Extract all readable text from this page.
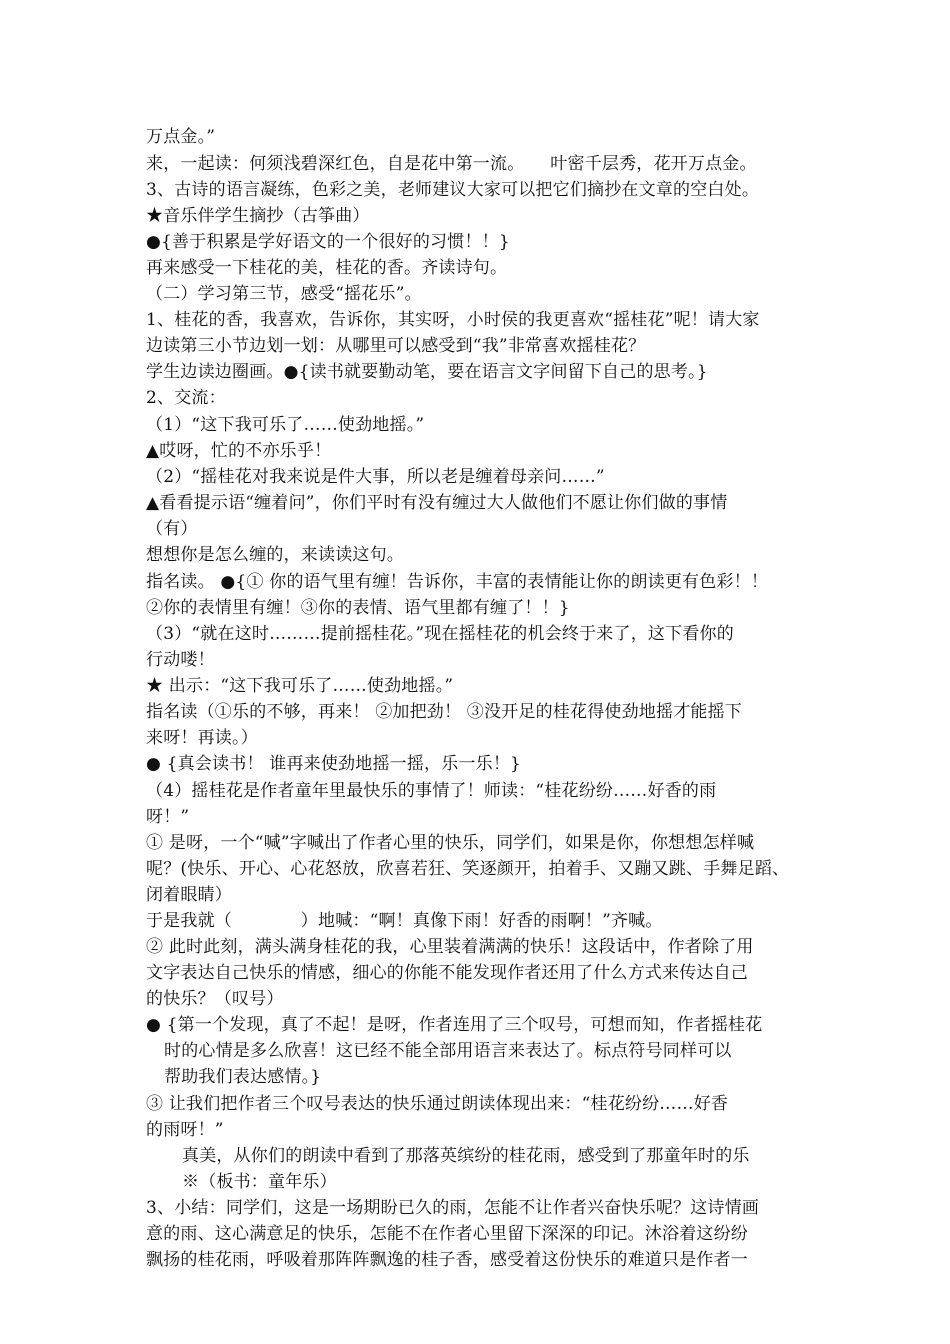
万点金。”
来，一起读：何须浅碧深红色，自是花中第一流。　　叶密千层秀，花开万点金。
3、古诗的语言凝练，色彩之美，老师建议大家可以把它们摘抄在文章的空白处。
★音乐伴学生摘抄（古筝曲）
●{善于积累是学好语文的一个很好的习惯！！}
再来感受一下桂花的美，桂花的香。齐读诗句。
（二）学习第三节，感受“摇花乐”。
1、桂花的香，我喜欢，告诉你，其实呀，小时侯的我更喜欢“摇桂花”呢！请大家
边读第三小节边划一划：从哪里可以感受到“我”非常喜欢摇桂花？
学生边读边圈画。●{读书就要勤动笔，要在语言文字间留下自己的思考。}
2、交流：
（1）“这下我可乐了……使劲地摇。”
▲哎呀，忙的不亦乐乎！
（2）“摇桂花对我来说是件大事，所以老是缠着母亲问……”
▲看看提示语“缠着问”，你们平时有没有缠过大人做他们不愿让你们做的事情
（有）
想想你是怎么缠的，来读读这句。
指名读。 ●{① 你的语气里有缠！告诉你，丰富的表情能让你的朗读更有色彩！！
②你的表情里有缠！③你的表情、语气里都有缠了！！}
（3）“就在这时………提前摇桂花。”现在摇桂花的机会终于来了，这下看你的
行动喽！
★ 出示：“这下我可乐了……使劲地摇。”
指名读（①乐的不够，再来！ ②加把劲！ ③没开足的桂花得使劲地摇才能摇下
来呀！再读。）
● {真会读书！ 谁再来使劲地摇一摇，乐一乐！}
（4）摇桂花是作者童年里最快乐的事情了！师读：“桂花纷纷……好香的雨
呀！”
① 是呀，一个“喊”字喊出了作者心里的快乐，同学们，如果是你，你想想怎样喊
呢？(快乐、开心、心花怒放，欣喜若狂、笑逐颜开，拍着手、又蹦又跳、手舞足蹈、
闭着眼睛）
于是我就（　　　　）地喊：“啊！真像下雨！好香的雨啊！”齐喊。
② 此时此刻，满头满身桂花的我，心里装着满满的快乐！这段话中，作者除了用
文字表达自己快乐的情感，细心的你能不能发现作者还用了什么方式来传达自己
的快乐？（叹号）
● {第一个发现，真了不起！是呀，作者连用了三个叹号，可想而知，作者摇桂花
时的心情是多么欣喜！这已经不能全部用语言来表达了。标点符号同样可以
帮助我们表达感情。}
③ 让我们把作者三个叹号表达的快乐通过朗读体现出来：“桂花纷纷……好香
的雨呀！”
真美，从你们的朗读中看到了那落英缤纷的桂花雨，感受到了那童年时的乐
※（板书：童年乐）
3、小结：同学们，这是一场期盼已久的雨，怎能不让作者兴奋快乐呢？这诗情画
意的雨、这心满意足的快乐，怎能不在作者心里留下深深的印记。沐浴着这纷纷
飘扬的桂花雨，呼吸着那阵阵飘逸的桂子香，感受着这份快乐的难道只是作者一
